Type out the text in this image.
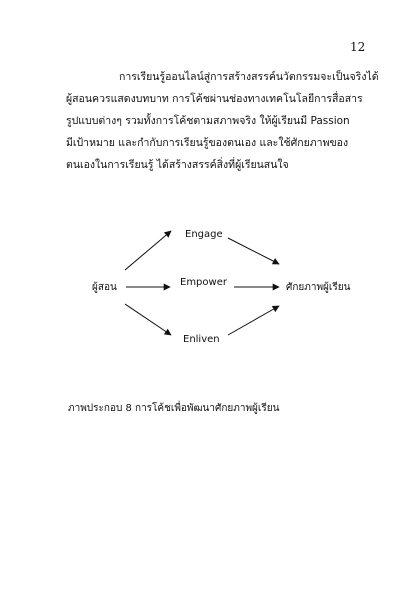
12
การเรียนรู้ออนไลน์สู่การสร้างสรรค์นวัตกรรมจะเป็นจริงได้
ผู้สอนควรแสดงบทบาท การโค้ชผ่านช่องทางเทคโนโลยีการสื่อสาร
รูปแบบต่างๆ รวมทั้งการโค้ชตามสภาพจริง ให้ผู้เรียนมี Passion
มีเป้าหมาย และกำกับการเรียนรู้ของตนเอง และใช้ศักยภาพของ
ตนเองในการเรียนรู้ ได้สร้างสรรค์สิ่งที่ผู้เรียนสนใจ
ผู้สอน	ศักยภาพผู้เรียน
Engage
Empower
Enliven
ภาพประกอบ 8 การโค้ชเพื่อพัฒนาศักยภาพผู้เรียน
